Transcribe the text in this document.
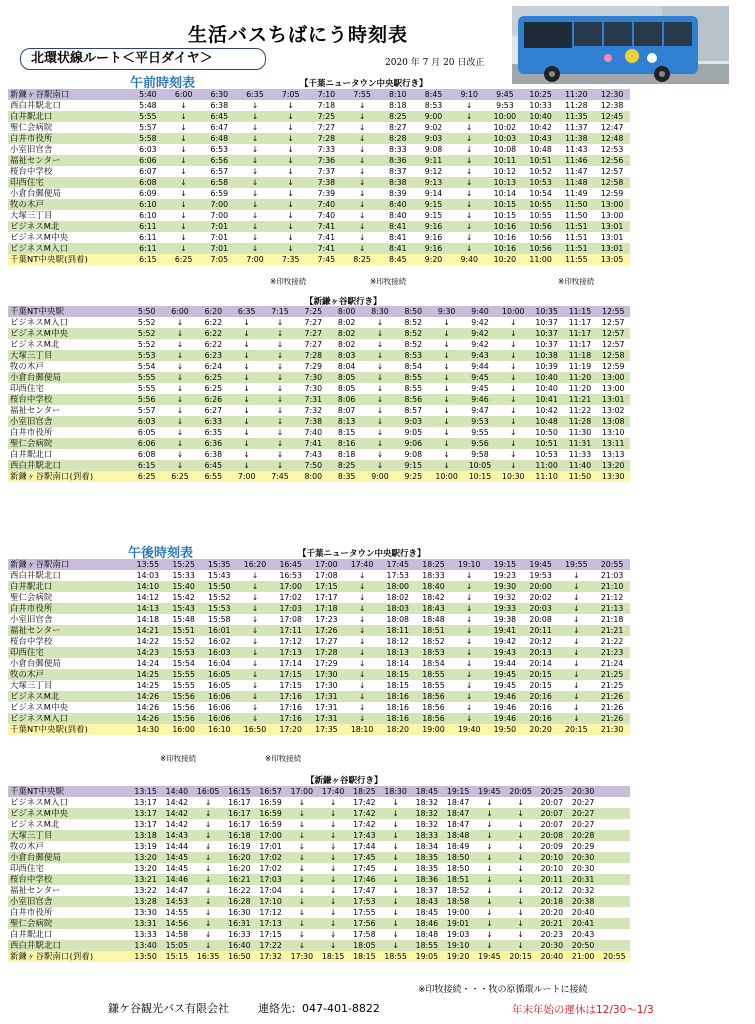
生活バスちばにう時刻表
北環状線ルート＜平日ダイヤ＞	2020 年 7 月 20 日改正
午前時刻表	【千葉ニュータウン中央駅行き】
新鎌ヶ谷駅南口	5:40	6:00	6:30	6:35	7:05	7:10	7:55	8:10	8:45	9:10	9:45	10:25	11:20	12:30
西白井駅北口	5:48	↓	6:38	↓	↓	7:18	↓	8:18	8:53	↓	9:53	10:33	11:28	12:38
白井駅北口	5:55	↓	6:45	↓	↓	7:25	↓	8:25	9:00	↓	10:00	10:40	11:35	12:45
聖仁会病院	5:57	↓	6:47	↓	↓	7:27	↓	8:27	9:02	↓	10:02	10:42	11:37	12:47
白井市役所	5:58	↓	6:48	↓	↓	7:28	↓	8:28	9:03	↓	10:03	10:43	11:38	12:48
小室旧官舎	6:03	↓	6:53	↓	↓	7:33	↓	8:33	9:08	↓	10:08	10:48	11:43	12:53
福祉センター	6:06	↓	6:56	↓	↓	7:36	↓	8:36	9:11	↓	10:11	10:51	11:46	12:56
桜台中学校	6:07	↓	6:57	↓	↓	7:37	↓	8:37	9:12	↓	10:12	10:52	11:47	12:57
印西住宅	6:08	↓	6:58	↓	↓	7:38	↓	8:38	9:13	↓	10:13	10:53	11:48	12:58
小倉台郵便局	6:09	↓	6:59	↓	↓	7:39	↓	8:39	9:14	↓	10:14	10:54	11:49	12:59
牧の木戸	6:10	↓	7:00	↓	↓	7:40	↓	8:40	9:15	↓	10:15	10:55	11:50	13:00
大塚三丁目	6:10	↓	7:00	↓	↓	7:40	↓	8:40	9:15	↓	10:15	10:55	11:50	13:00
ビジネスM北	6:11	↓	7:01	↓	↓	7:41	↓	8:41	9:16	↓	10:16	10:56	11:51	13:01
ビジネスM中央	6:11	↓	7:01	↓	↓	7:41	↓	8:41	9:16	↓	10:16	10:56	11:51	13:01
ビジネスM入口	6:11	↓	7:01	↓	↓	7:41	↓	8:41	9:16	↓	10:16	10:56	11:51	13:01
千葉NT中央駅(到着)	6:15	6:25	7:05	7:00	7:35	7:45	8:25	8:45	9:20	9:40	10:20	11:00	11:55	13:05
※印牧接続	※印牧接続	※印牧接続
【新鎌ヶ谷駅行き】
千葉NT中央駅	5:50	6:00	6:20	6:35	7:15	7:25	8:00	8:30	8:50	9:30	9:40	10:00	10:35	11:15	12:55
ビジネスM入口	5:52	↓	6:22	↓	↓	7:27	8:02	↓	8:52	↓	9:42	↓	10:37	11:17	12:57
ビジネスM中央	5:52	↓	6:22	↓	↓	7:27	8:02	↓	8:52	↓	9:42	↓	10:37	11:17	12:57
ビジネスM北	5:52	↓	6:22	↓	↓	7:27	8:02	↓	8:52	↓	9:42	↓	10:37	11:17	12:57
大塚三丁目	5:53	↓	6:23	↓	↓	7:28	8:03	↓	8:53	↓	9:43	↓	10:38	11:18	12:58
牧の木戸	5:54	↓	6:24	↓	↓	7:29	8:04	↓	8:54	↓	9:44	↓	10:39	11:19	12:59
小倉台郵便局	5:55	↓	6:25	↓	↓	7:30	8:05	↓	8:55	↓	9:45	↓	10:40	11:20	13:00
印西住宅	5:55	↓	6:25	↓	↓	7:30	8:05	↓	8:55	↓	9:45	↓	10:40	11:20	13:00
桜台中学校	5:56	↓	6:26	↓	↓	7:31	8:06	↓	8:56	↓	9:46	↓	10:41	11:21	13:01
福祉センター	5:57	↓	6:27	↓	↓	7:32	8:07	↓	8:57	↓	9:47	↓	10:42	11:22	13:02
小室旧官舎	6:03	↓	6:33	↓	↓	7:38	8:13	↓	9:03	↓	9:53	↓	10:48	11:28	13:08
白井市役所	6:05	↓	6:35	↓	↓	7:40	8:15	↓	9:05	↓	9:55	↓	10:50	11:30	13:10
聖仁会病院	6:06	↓	6:36	↓	↓	7:41	8:16	↓	9:06	↓	9:56	↓	10:51	11:31	13:11
白井駅北口	6:08	↓	6:38	↓	↓	7:43	8:18	↓	9:08	↓	9:58	↓	10:53	11:33	13:13
西白井駅北口	6:15	↓	6:45	↓	↓	7:50	8:25	↓	9:15	↓	10:05	↓	11:00	11:40	13:20
新鎌ヶ谷駅南口(到着)	6:25	6:25	6:55	7:00	7:45	8:00	8:35	9:00	9:25	10:00	10:15	10:30	11:10	11:50	13:30
午後時刻表	【千葉ニュータウン中央駅行き】
新鎌ヶ谷駅南口	13:55	15:25	15:35	16:20	16:45	17:00	17:40	17:45	18:25	19:10	19:15	19:45	19:55	20:55
西白井駅北口	14:03	15:33	15:43	↓	16:53	17:08	↓	17:53	18:33	↓	19:23	19:53	↓	21:03
白井駅北口	14:10	15:40	15:50	↓	17:00	17:15	↓	18:00	18:40	↓	19:30	20:00	↓	21:10
聖仁会病院	14:12	15:42	15:52	↓	17:02	17:17	↓	18:02	18:42	↓	19:32	20:02	↓	21:12
白井市役所	14:13	15:43	15:53	↓	17:03	17:18	↓	18:03	18:43	↓	19:33	20:03	↓	21:13
小室旧官舎	14:18	15:48	15:58	↓	17:08	17:23	↓	18:08	18:48	↓	19:38	20:08	↓	21:18
福祉センター	14:21	15:51	16:01	↓	17:11	17:26	↓	18:11	18:51	↓	19:41	20:11	↓	21:21
桜台中学校	14:22	15:52	16:02	↓	17:12	17:27	↓	18:12	18:52	↓	19:42	20:12	↓	21:22
印西住宅	14:23	15:53	16:03	↓	17:13	17:28	↓	18:13	18:53	↓	19:43	20:13	↓	21:23
小倉台郵便局	14:24	15:54	16:04	↓	17:14	17:29	↓	18:14	18:54	↓	19:44	20:14	↓	21:24
牧の木戸	14:25	15:55	16:05	↓	17:15	17:30	↓	18:15	18:55	↓	19:45	20:15	↓	21:25
大塚三丁目	14:25	15:55	16:05	↓	17:15	17:30	↓	18:15	18:55	↓	19:45	20:15	↓	21:25
ビジネスM北	14:26	15:56	16:06	↓	17:16	17:31	↓	18:16	18:56	↓	19:46	20:16	↓	21:26
ビジネスM中央	14:26	15:56	16:06	↓	17:16	17:31	↓	18:16	18:56	↓	19:46	20:16	↓	21:26
ビジネスM入口	14:26	15:56	16:06	↓	17:16	17:31	↓	18:16	18:56	↓	19:46	20:16	↓	21:26
千葉NT中央駅(到着)	14:30	16:00	16:10	16:50	17:20	17:35	18:10	18:20	19:00	19:40	19:50	20:20	20:15	21:30
※印牧接続	※印牧接続
【新鎌ヶ谷駅行き】
千葉NT中央駅	13:15	14:40	16:05	16:15	16:57	17:00	17:40	18:25	18:30	18:45	19:15	19:45	20:05	20:25	20:30	
ビジネスM入口	13:17	14:42	↓	16:17	16:59	↓	↓	17:42	↓	18:32	18:47	↓	↓	20:07	20:27	
ビジネスM中央	13:17	14:42	↓	16:17	16:59	↓	↓	17:42	↓	18:32	18:47	↓	↓	20:07	20:27	
ビジネスM北	13:17	14:42	↓	16:17	16:59	↓	↓	17:42	↓	18:32	18:47	↓	↓	20:07	20:27	
大塚三丁目	13:18	14:43	↓	16:18	17:00	↓	↓	17:43	↓	18:33	18:48	↓	↓	20:08	20:28	
牧の木戸	13:19	14:44	↓	16:19	17:01	↓	↓	17:44	↓	18:34	18:49	↓	↓	20:09	20:29	
小倉台郵便局	13:20	14:45	↓	16:20	17:02	↓	↓	17:45	↓	18:35	18:50	↓	↓	20:10	20:30	
印西住宅	13:20	14:45	↓	16:20	17:02	↓	↓	17:45	↓	18:35	18:50	↓	↓	20:10	20:30	
桜台中学校	13:21	14:46	↓	16:21	17:03	↓	↓	17:46	↓	18:36	18:51	↓	↓	20:11	20:31	
福祉センター	13:22	14:47	↓	16:22	17:04	↓	↓	17:47	↓	18:37	18:52	↓	↓	20:12	20:32	
小室旧官舎	13:28	14:53	↓	16:28	17:10	↓	↓	17:53	↓	18:43	18:58	↓	↓	20:18	20:38	
白井市役所	13:30	14:55	↓	16:30	17:12	↓	↓	17:55	↓	18:45	19:00	↓	↓	20:20	20:40	
聖仁会病院	13:31	14:56	↓	16:31	17:13	↓	↓	17:56	↓	18:46	19:01	↓	↓	20:21	20:41	
白井駅北口	13:33	14:58	↓	16:33	17:15	↓	↓	17:58	↓	18:48	19:03	↓	↓	20:23	20:43	
西白井駅北口	13:40	15:05	↓	16:40	17:22	↓	↓	18:05	↓	18:55	19:10	↓	↓	20:30	20:50	
新鎌ヶ谷駅南口(到着)	13:50	15:15	16:35	16:50	17:32	17:30	18:15	18:15	18:55	19:05	19:20	19:45	20:15	20:40	21:00	20:55
※印牧接続・・・牧の原循環ルートに接続
鎌ケ谷観光バス有限会社	連絡先：047-401-8822	年末年始の運休は12/30～1/3
